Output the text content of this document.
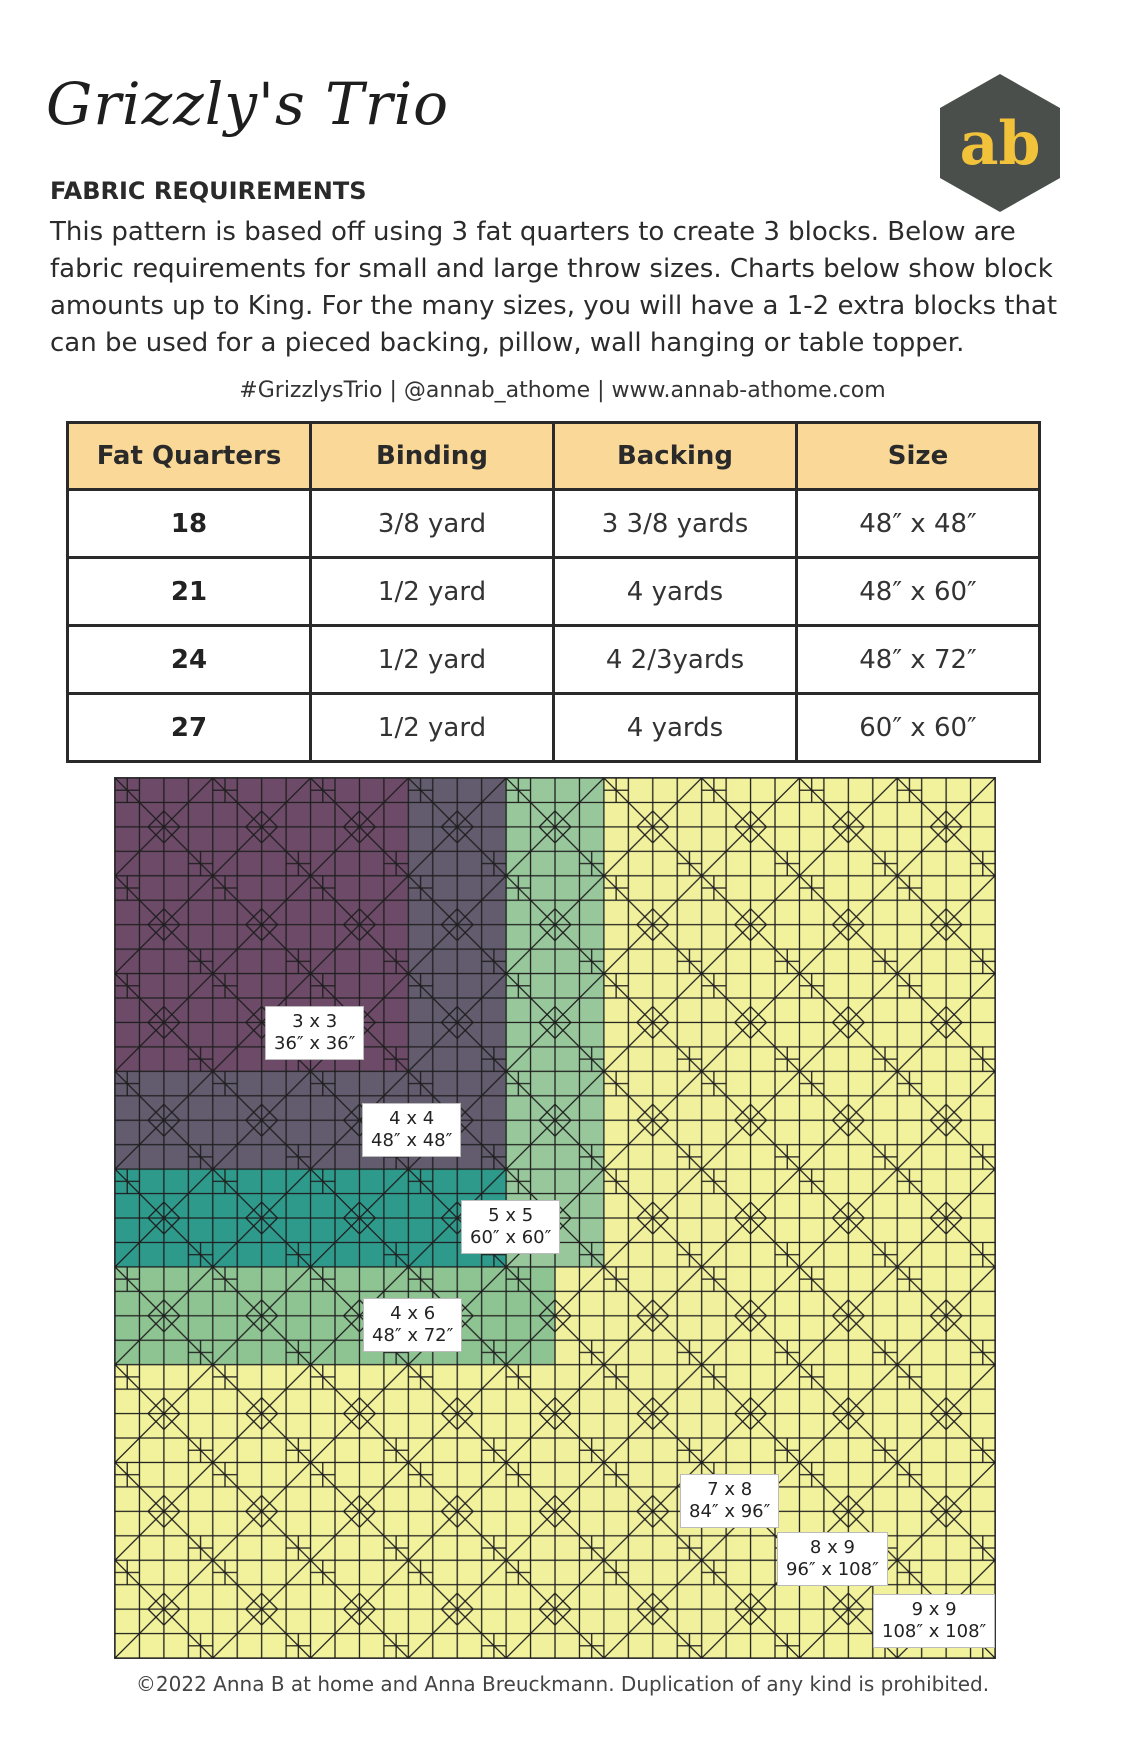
Grizzly's Trio
ab
FABRIC REQUIREMENTS
This pattern is based off using 3 fat quarters to create 3 blocks. Below are fabric requirements for small and large throw sizes. Charts below show block amounts up to King. For the many sizes, you will have a 1-2 extra blocks that can be used for a pieced backing, pillow, wall hanging or table topper.
#GrizzlysTrio | @annab_athome | www.annab-athome.com
Fat Quarters	Binding	Backing	Size
18	3/8 yard	3 3/8 yards	48″ x 48″
21	1/2 yard	4 yards	48″ x 60″
24	1/2 yard	4 2/3yards	48″ x 72″
27	1/2 yard	4 yards	60″ x 60″
3 x 3
36″ x 36″
4 x 4
48″ x 48″
5 x 5
60″ x 60″
4 x 6
48″ x 72″
7 x 8
84″ x 96″
8 x 9
96″ x 108″
9 x 9
108″ x 108″
©2022 Anna B at home and Anna Breuckmann. Duplication of any kind is prohibited.
